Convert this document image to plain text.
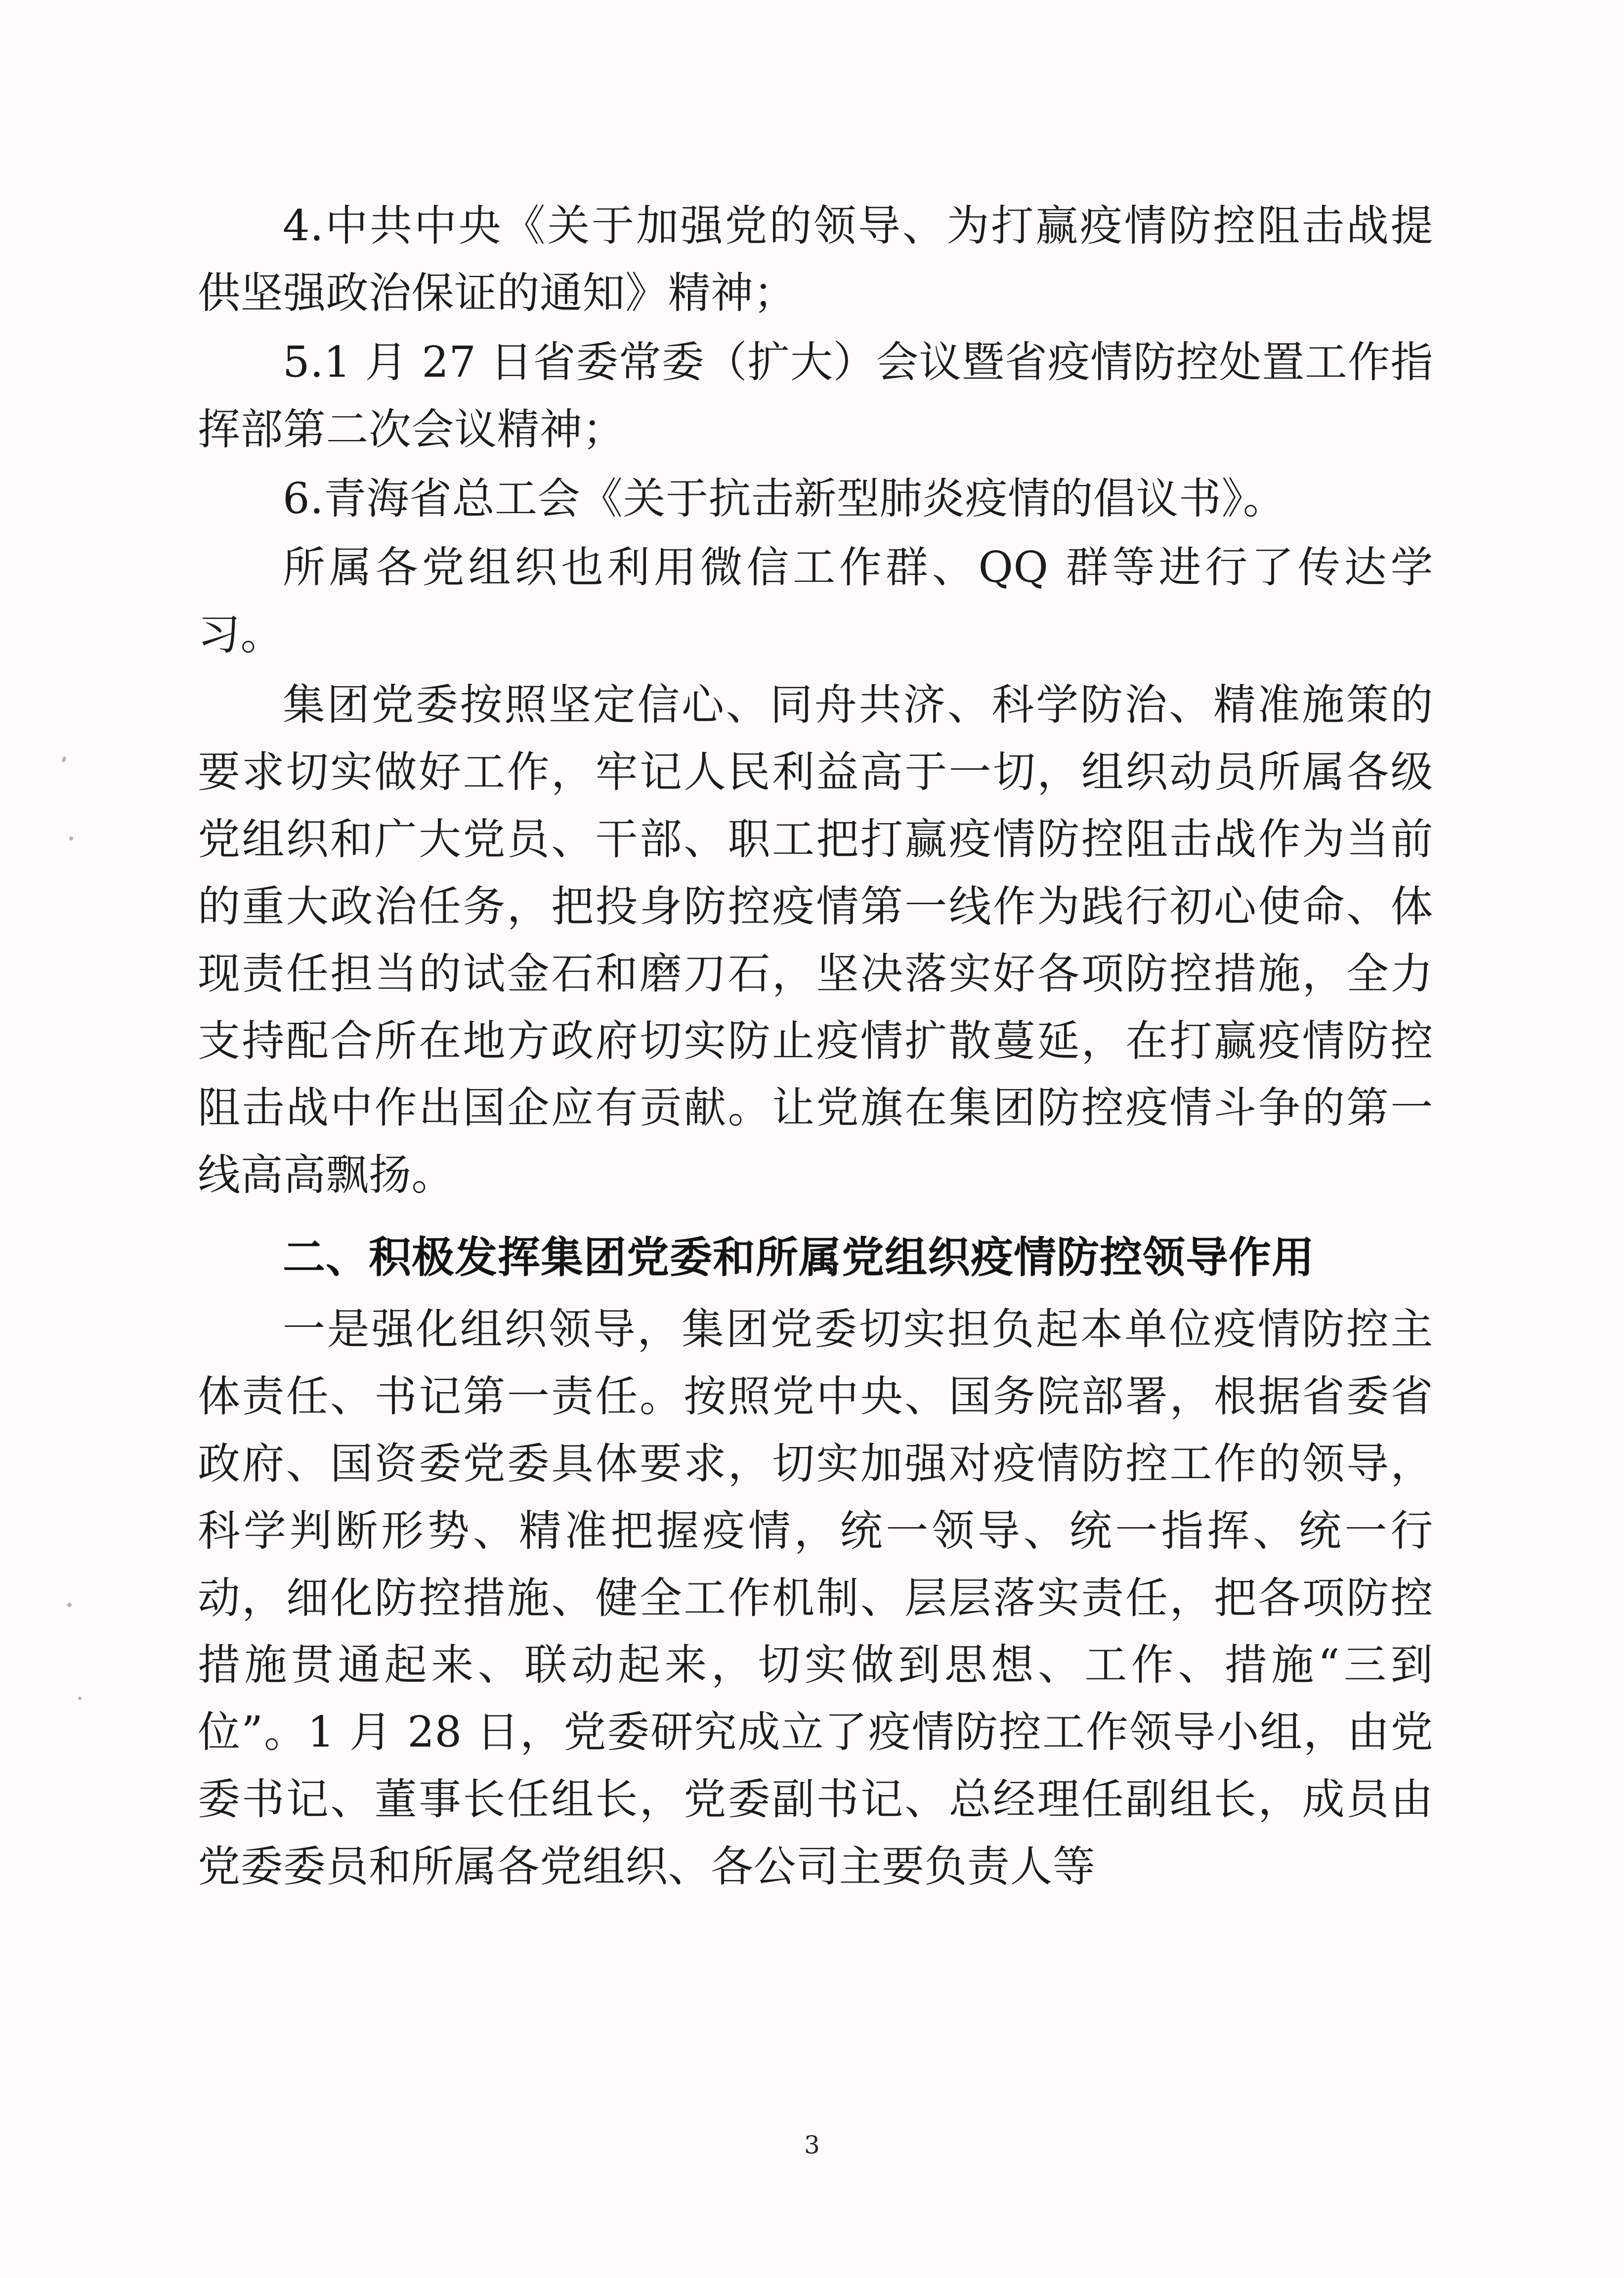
4.中共中央《关于加强党的领导、为打赢疫情防控阻击战提供坚强政治保证的通知》精神；

5.1 月 27 日省委常委（扩大）会议暨省疫情防控处置工作指挥部第二次会议精神；

6.青海省总工会《关于抗击新型肺炎疫情的倡议书》。

所属各党组织也利用微信工作群、QQ 群等进行了传达学习。

集团党委按照坚定信心、同舟共济、科学防治、精准施策的要求切实做好工作，牢记人民利益高于一切，组织动员所属各级党组织和广大党员、干部、职工把打赢疫情防控阻击战作为当前的重大政治任务，把投身防控疫情第一线作为践行初心使命、体现责任担当的试金石和磨刀石，坚决落实好各项防控措施，全力支持配合所在地方政府切实防止疫情扩散蔓延，在打赢疫情防控阻击战中作出国企应有贡献。让党旗在集团防控疫情斗争的第一线高高飘扬。

二、积极发挥集团党委和所属党组织疫情防控领导作用

一是强化组织领导，集团党委切实担负起本单位疫情防控主体责任、书记第一责任。按照党中央、国务院部署，根据省委省政府、国资委党委具体要求，切实加强对疫情防控工作的领导，科学判断形势、精准把握疫情，统一领导、统一指挥、统一行动，细化防控措施、健全工作机制、层层落实责任，把各项防控措施贯通起来、联动起来，切实做到思想、工作、措施“三到位”。1 月 28 日，党委研究成立了疫情防控工作领导小组，由党委书记、董事长任组长，党委副书记、总经理任副组长，成员由党委委员和所属各党组织、各公司主要负责人等

3
